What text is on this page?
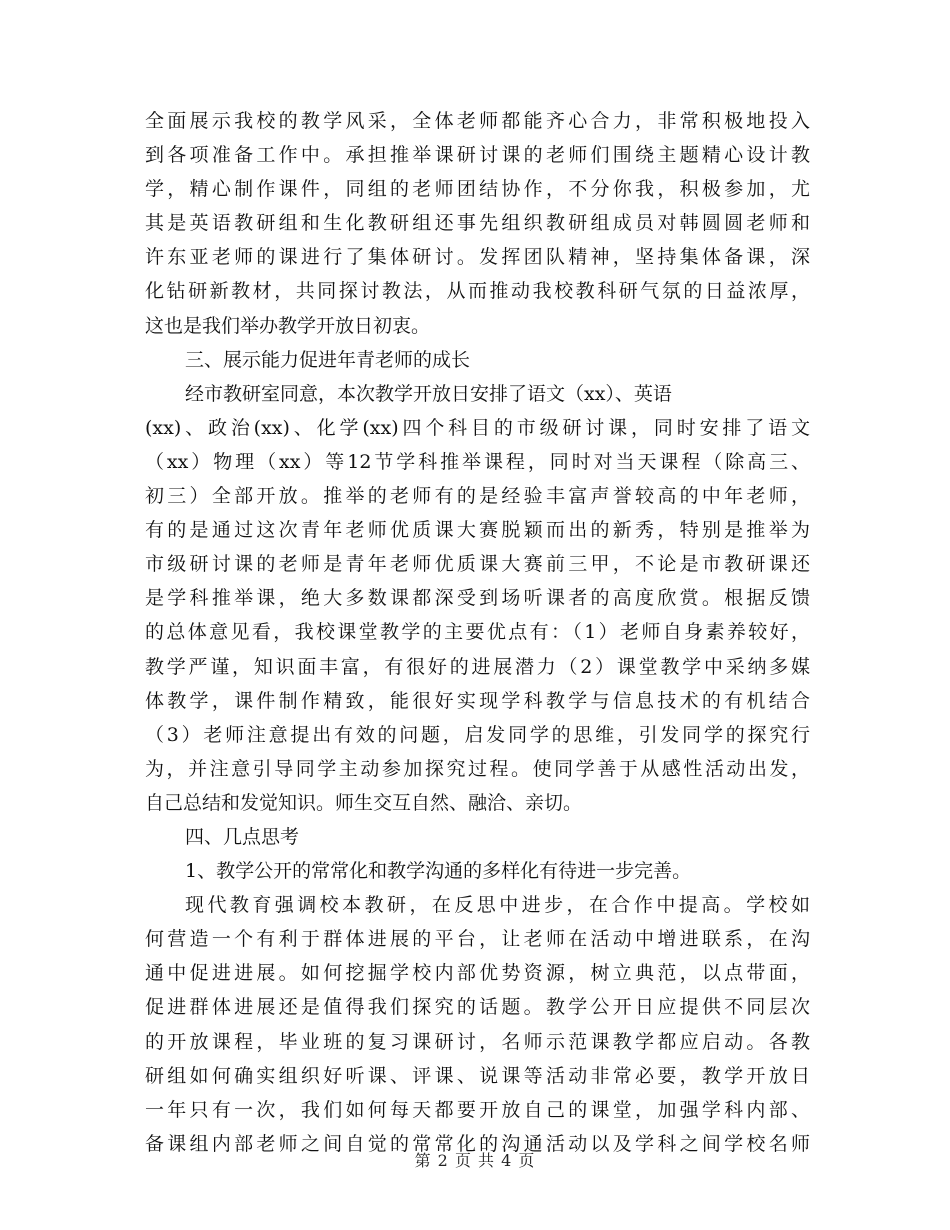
全面展示我校的教学风采，全体老师都能齐心合力，非常积极地投入
到各项准备工作中。承担推举课研讨课的老师们围绕主题精心设计教
学，精心制作课件，同组的老师团结协作，不分你我，积极参加，尤
其是英语教研组和生化教研组还事先组织教研组成员对韩圆圆老师和
许东亚老师的课进行了集体研讨。发挥团队精神，坚持集体备课，深
化钻研新教材，共同探讨教法，从而推动我校教科研气氛的日益浓厚，
这也是我们举办教学开放日初衷。
三、展示能力促进年青老师的成长
经市教研室同意，本次教学开放日安排了语文（xx）、英语
(xx)、政治(xx)、化学(xx)四个科目的市级研讨课，同时安排了语文
（xx）物理（xx）等12节学科推举课程，同时对当天课程（除高三、
初三）全部开放。推举的老师有的是经验丰富声誉较高的中年老师，
有的是通过这次青年老师优质课大赛脱颖而出的新秀，特别是推举为
市级研讨课的老师是青年老师优质课大赛前三甲，不论是市教研课还
是学科推举课，绝大多数课都深受到场听课者的高度欣赏。根据反馈
的总体意见看，我校课堂教学的主要优点有：（1）老师自身素养较好，
教学严谨，知识面丰富，有很好的进展潜力（2）课堂教学中采纳多媒
体教学，课件制作精致，能很好实现学科教学与信息技术的有机结合
（3）老师注意提出有效的问题，启发同学的思维，引发同学的探究行
为，并注意引导同学主动参加探究过程。使同学善于从感性活动出发，
自己总结和发觉知识。师生交互自然、融洽、亲切。
四、几点思考
1、教学公开的常常化和教学沟通的多样化有待进一步完善。
现代教育强调校本教研，在反思中进步，在合作中提高。学校如
何营造一个有利于群体进展的平台，让老师在活动中增进联系，在沟
通中促进进展。如何挖掘学校内部优势资源，树立典范，以点带面，
促进群体进展还是值得我们探究的话题。教学公开日应提供不同层次
的开放课程，毕业班的复习课研讨，名师示范课教学都应启动。各教
研组如何确实组织好听课、评课、说课等活动非常必要，教学开放日
一年只有一次，我们如何每天都要开放自己的课堂，加强学科内部、
备课组内部老师之间自觉的常常化的沟通活动以及学科之间学校名师
第 2 页 共 4 页
